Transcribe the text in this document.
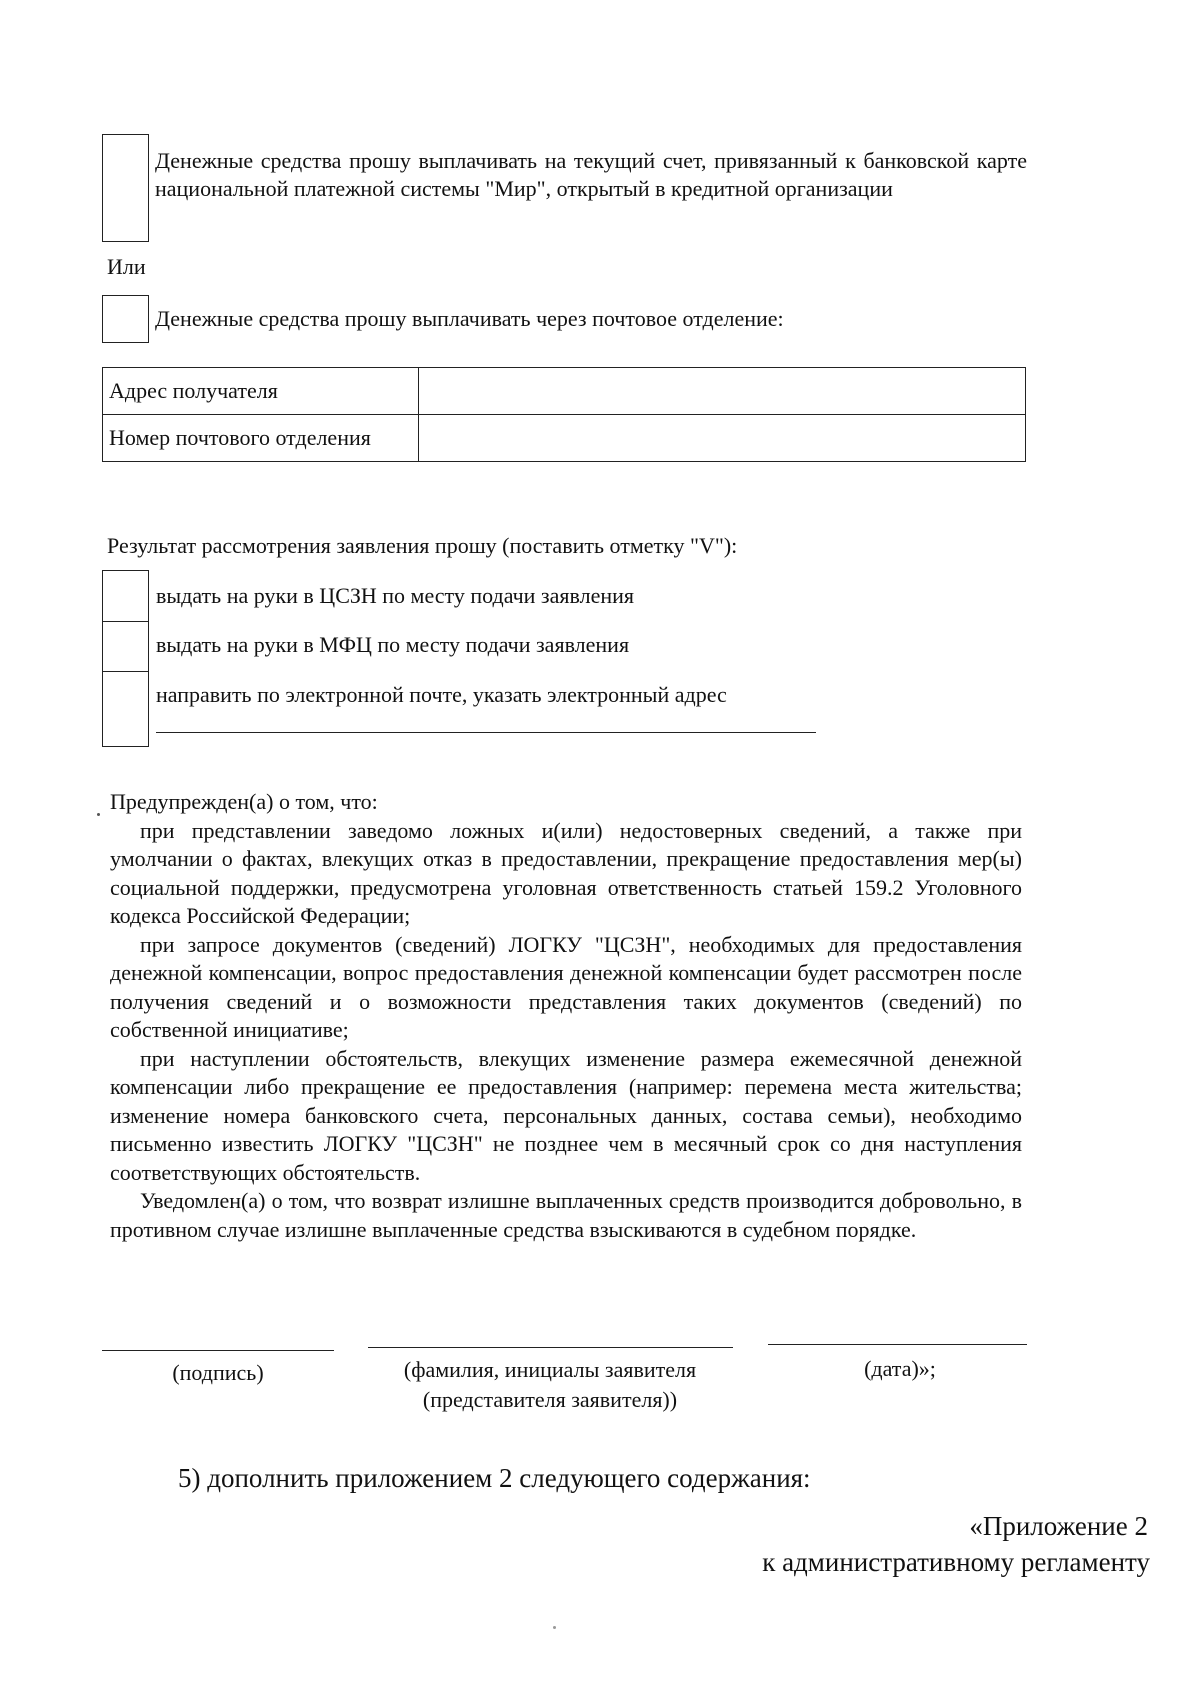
Денежные средства прошу выплачивать на текущий счет, привязанный к банковской карте национальной платежной системы "Мир", открытый в кредитной организации
Или
Денежные средства прошу выплачивать через почтовое отделение:
Адрес получателя	
Номер почтового отделения	
Результат рассмотрения заявления прошу (поставить отметку "V"):
выдать на руки в ЦСЗН по месту подачи заявления
выдать на руки в МФЦ по месту подачи заявления
направить по электронной почте, указать электронный адрес

Предупрежден(а) о том, что:

при представлении заведомо ложных и(или) недостоверных сведений, а также при умолчании о фактах, влекущих отказ в предоставлении, прекращение предоставления мер(ы) социальной поддержки, предусмотрена уголовная ответственность статьей 159.2 Уголовного кодекса Российской Федерации;

при запросе документов (сведений) ЛОГКУ "ЦСЗН", необходимых для предоставления денежной компенсации, вопрос предоставления денежной компенсации будет рассмотрен после получения сведений и о возможности представления таких документов (сведений) по собственной инициативе;

при наступлении обстоятельств, влекущих изменение размера ежемесячной денежной компенсации либо прекращение ее предоставления (например: перемена места жительства; изменение номера банковского счета, персональных данных, состава семьи), необходимо письменно известить ЛОГКУ "ЦСЗН" не позднее чем в месячный срок со дня наступления соответствующих обстоятельств.

Уведомлен(а) о том, что возврат излишне выплаченных средств производится добровольно, в противном случае излишне выплаченные средства взыскиваются в судебном порядке.

(подпись)	(фамилия, инициалы заявителя
(представителя заявителя))
(дата)»;
5) дополнить приложением 2 следующего содержания:
«Приложение 2
к административному регламенту
